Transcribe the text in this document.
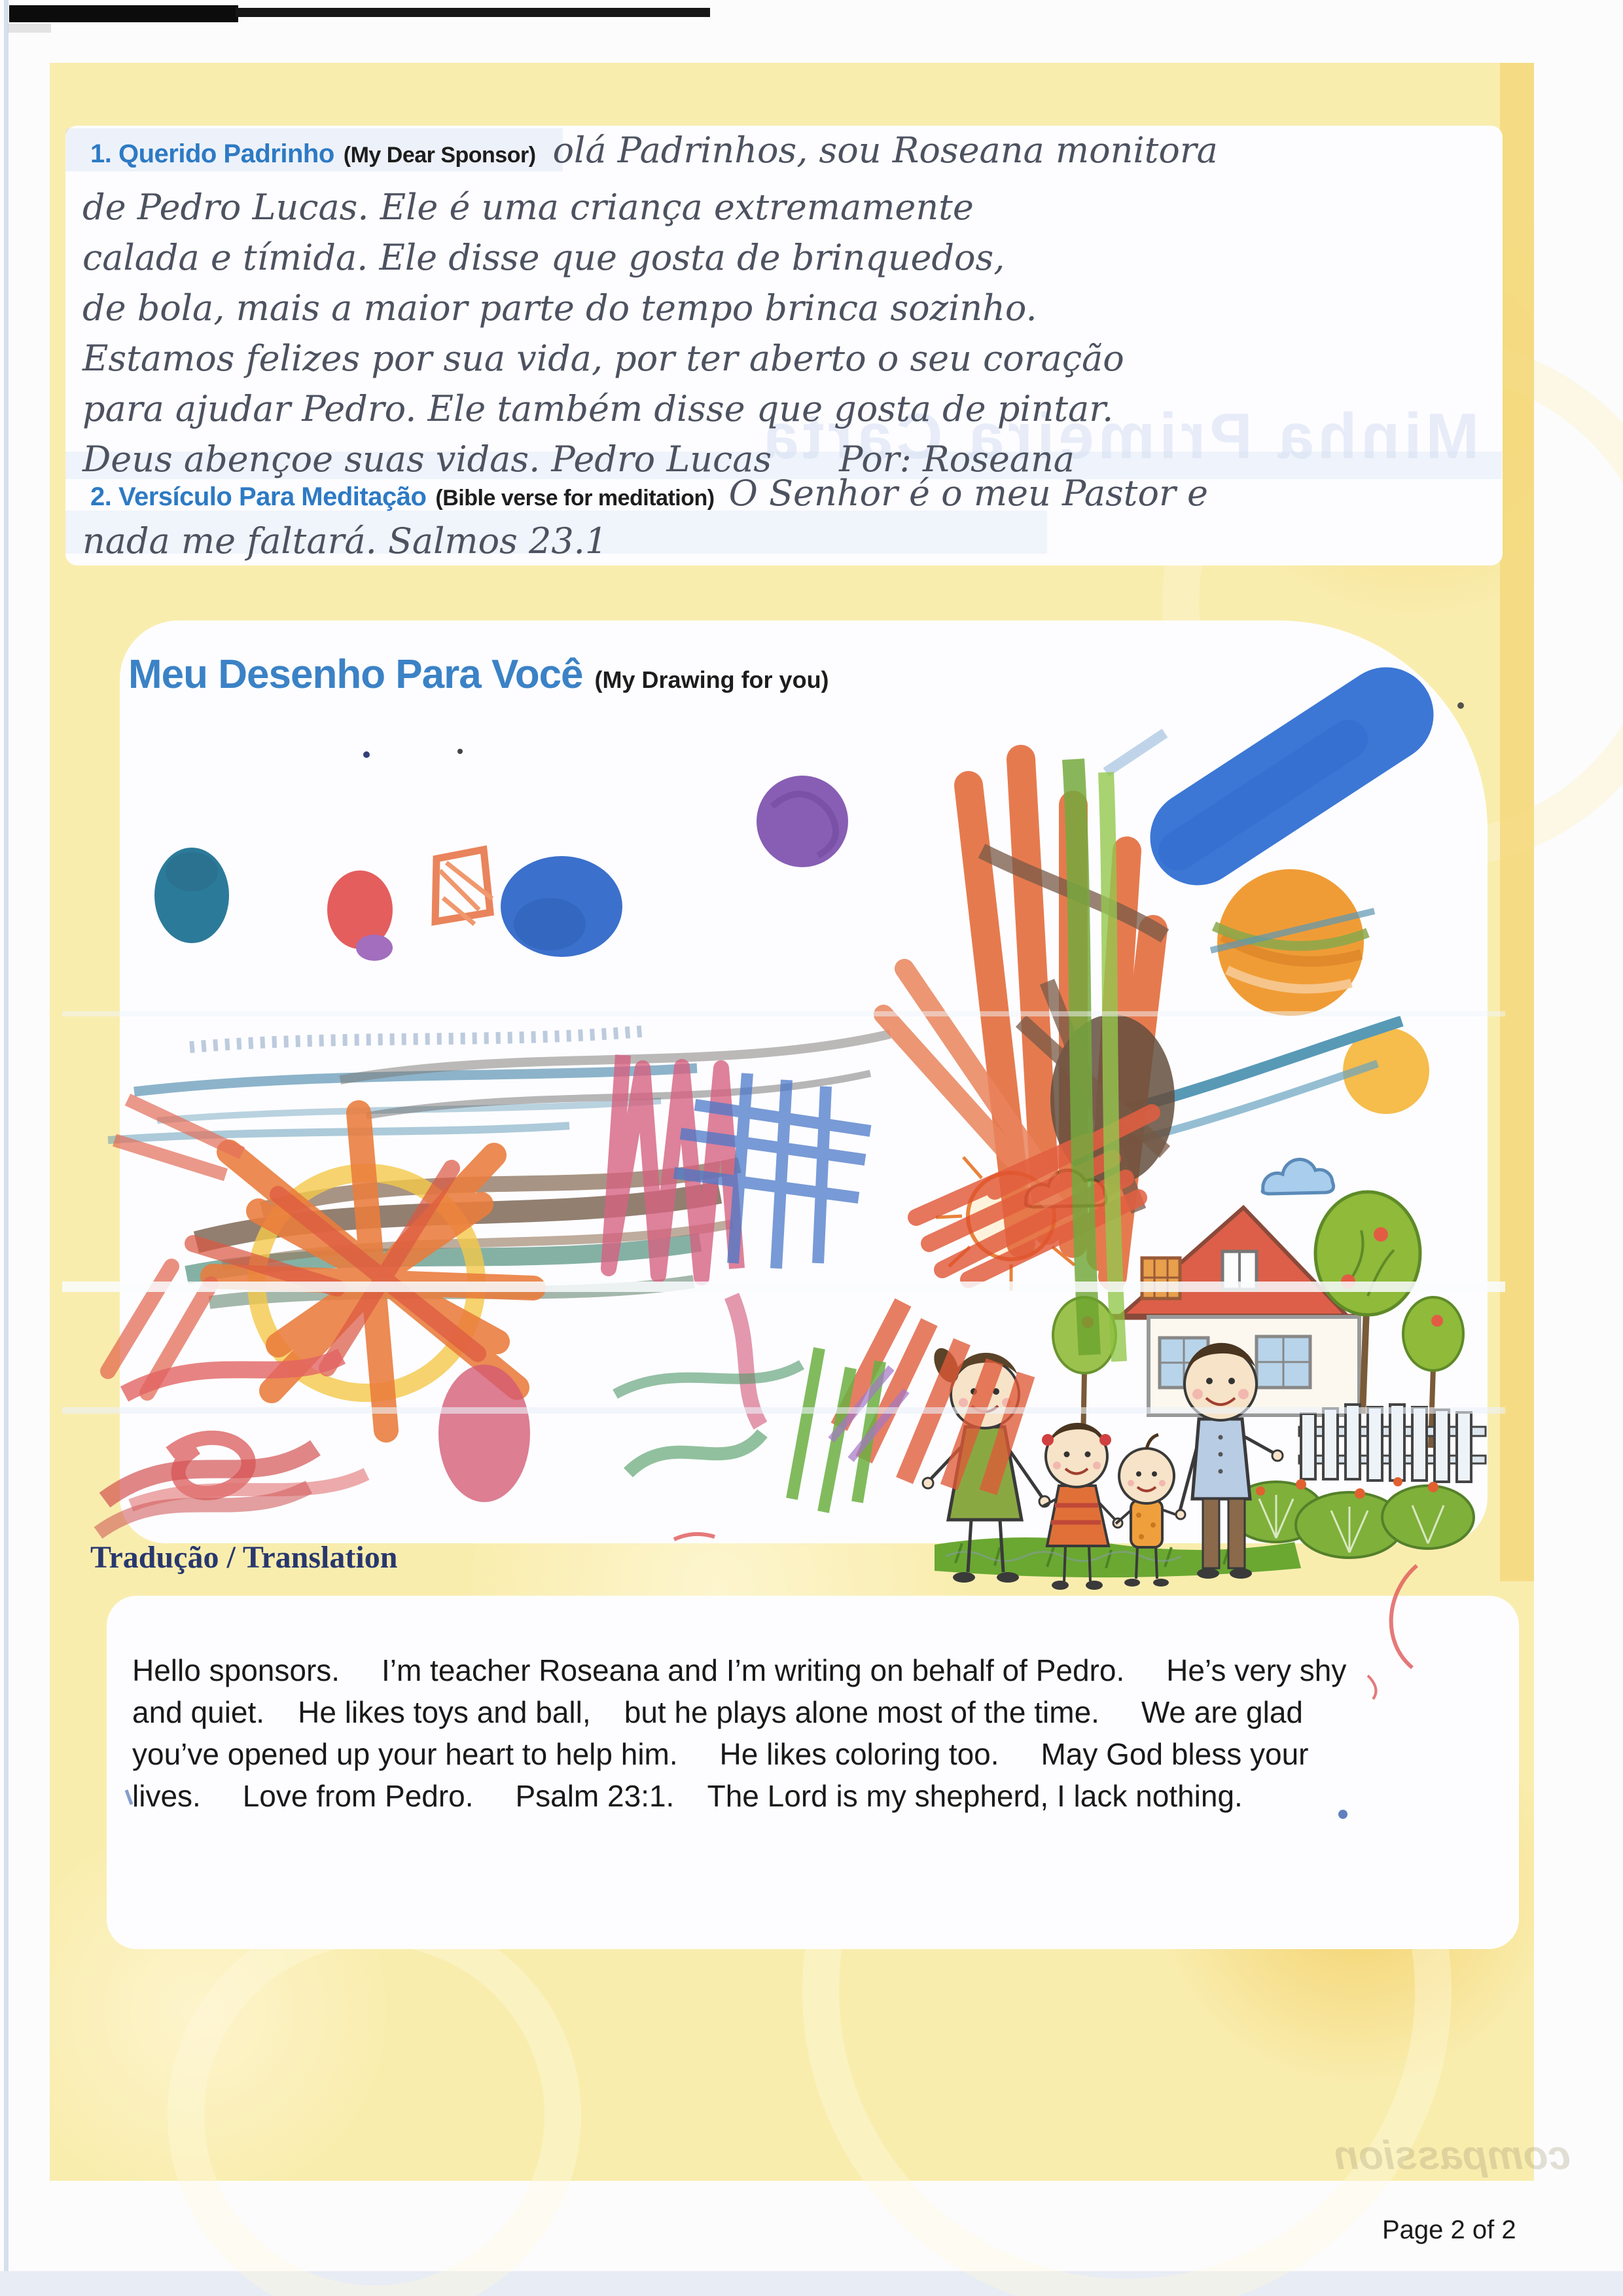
compassion
1. Querido Padrinho (My Dear Sponsor) olá Padrinhos, sou Roseana monitora
de Pedro Lucas. Ele é uma criança extremamente
calada e tímida. Ele disse que gosta de brinquedos,
de bola, mais a maior parte do tempo brinca sozinho.
Estamos felizes por sua vida, por ter aberto o seu coração
para ajudar Pedro. Ele também disse que gosta de pintar.
Deus abençoe suas vidas. Pedro Lucas      Por: Roseana
2. Versículo Para Meditação (Bible verse for meditation) O Senhor é o meu Pastor e
nada me faltará. Salmos 23.1
Meu Desenho Para Você (My Drawing for you)
Tradução / Translation
Hello sponsors.     I’m teacher Roseana and I’m writing on behalf of Pedro.     He’s very shy
and quiet.    He likes toys and ball,    but he plays alone most of the time.     We are glad
you’ve opened up your heart to help him.     He likes coloring too.     May God bless your
lives.     Love from Pedro.     Psalm 23:1.    The Lord is my shepherd, I lack nothing.
Page 2 of 2
